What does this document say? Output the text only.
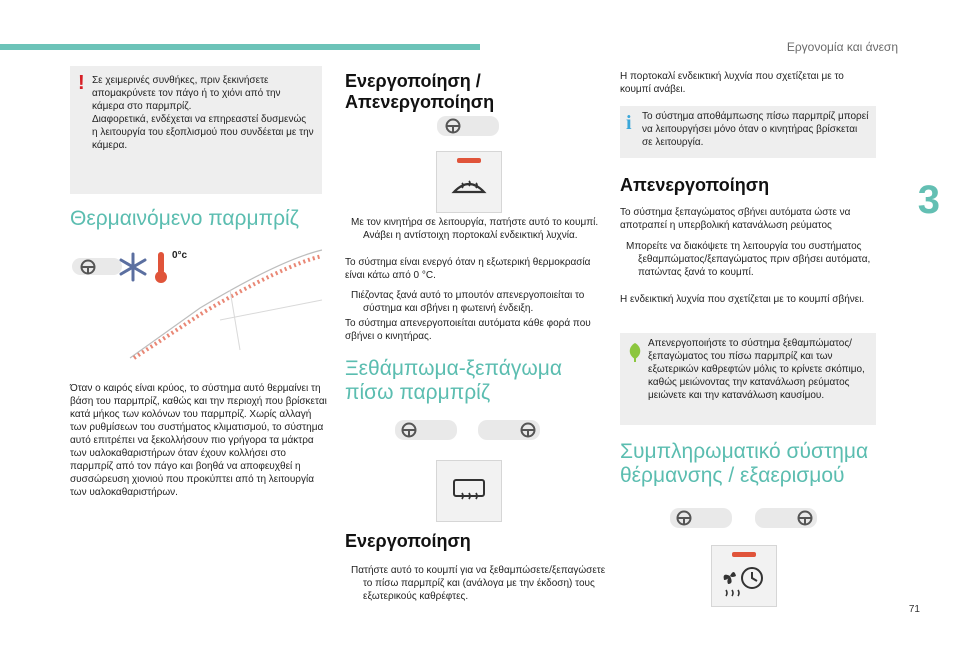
Εργονομία και άνεση
3
71
! Σε χειμερινές συνθήκες, πριν ξεκινήσετε απομακρύνετε τον πάγο ή το χιόνι από την κάμερα στο παρμπρίζ.
Διαφορετικά, ενδέχεται να επηρεαστεί δυσμενώς η λειτουργία του εξοπλισμού που συνδέεται με την κάμερα.
Θερμαινόμενο παρμπρίζ
0°c
Όταν ο καιρός είναι κρύος, το σύστημα αυτό θερμαίνει τη βάση του παρμπρίζ, καθώς και την περιοχή που βρίσκεται κατά μήκος των κολόνων του παρμπρίζ. Χωρίς αλλαγή των ρυθμίσεων του συστήματος κλιματισμού, το σύστημα αυτό επιτρέπει να ξεκολλήσουν πιο γρήγορα τα μάκτρα των υαλοκαθαριστήρων όταν έχουν κολλήσει στο παρμπρίζ από τον πάγο και βοηθά να αποφευχθεί η συσσώρευση χιονιού που προκύπτει από τη λειτουργία των υαλοκαθαριστήρων.
Ενεργοποίηση / Απενεργοποίηση
Με τον κινητήρα σε λειτουργία, πατήστε αυτό το κουμπί. Ανάβει η αντίστοιχη πορτοκαλί ενδεικτική λυχνία.
Το σύστημα είναι ενεργό όταν η εξωτερική θερμοκρασία είναι κάτω από 0 °C.
Πιέζοντας ξανά αυτό το μπουτόν απενεργοποιείται το σύστημα και σβήνει η φωτεινή ένδειξη.
Το σύστημα απενεργοποιείται αυτόματα κάθε φορά που σβήνει ο κινητήρας.
Ξεθάμπωμα-ξεπάγωμα πίσω παρμπρίζ
Ενεργοποίηση
Πατήστε αυτό το κουμπί για να ξεθαμπώσετε/ξεπαγώσετε το πίσω παρμπρίζ και (ανάλογα με την έκδοση) τους εξωτερικούς καθρέφτες.
Η πορτοκαλί ενδεικτική λυχνία που σχετίζεται με το κουμπί ανάβει.
i Το σύστημα αποθάμπωσης πίσω παρμπρίζ μπορεί να λειτουργήσει μόνο όταν ο κινητήρας βρίσκεται σε λειτουργία.
Απενεργοποίηση
Το σύστημα ξεπαγώματος σβήνει αυτόματα ώστε να αποτραπεί η υπερβολική κατανάλωση ρεύματος
Μπορείτε να διακόψετε τη λειτουργία του συστήματος ξεθαμπώματος/ξεπαγώματος πριν σβήσει αυτόματα, πατώντας ξανά το κουμπί.
Η ενδεικτική λυχνία που σχετίζεται με το κουμπί σβήνει.
Απενεργοποιήστε το σύστημα ξεθαμπώματος/ξεπαγώματος του πίσω παρμπρίζ και των εξωτερικών καθρεφτών μόλις το κρίνετε σκόπιμο, καθώς μειώνοντας την κατανάλωση ρεύματος μειώνετε και την κατανάλωση καυσίμου.
Συμπληρωματικό σύστημα θέρμανσης / εξαερισμού
